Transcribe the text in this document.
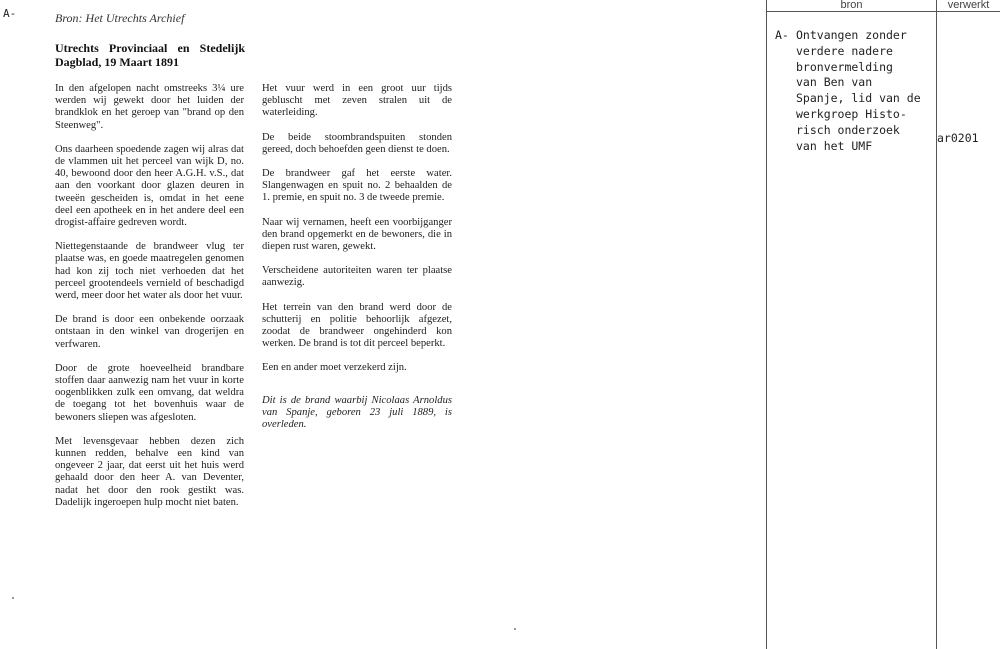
A-	Bron: Het Utrechts Archief
Utrechts Provinciaal en Stedelijk Dagblad, 19 Maart 1891

In den afgelopen nacht omstreeks 3¼ ure werden wij gewekt door het luiden der brandklok en het geroep van "brand op den Steenweg".

Ons daarheen spoedende zagen wij alras dat de vlammen uit het perceel van wijk D, no. 40, bewoond door den heer A.G.H. v.S., dat aan den voorkant door glazen deuren in tweeën gescheiden is, omdat in het eene deel een apotheek en in het andere deel een drogist-affaire gedreven wordt.

Niettegenstaande de brandweer vlug ter plaatse was, en goede maatregelen genomen had kon zij toch niet verhoeden dat het perceel grootendeels vernield of beschadigd werd, meer door het water als door het vuur.

De brand is door een onbekende oorzaak ontstaan in den winkel van drogerijen en verfwaren.

Door de grote hoeveelheid brandbare stoffen daar aanwezig nam het vuur in korte oogenblikken zulk een omvang, dat weldra de toegang tot het bovenhuis waar de bewoners sliepen was afgesloten.

Met levensgevaar hebben dezen zich kunnen redden, behalve een kind van ongeveer 2 jaar, dat eerst uit het huis werd gehaald door den heer A. van Deventer, nadat het door den rook gestikt was. Dadelijk ingeroepen hulp mocht niet baten.

Het vuur werd in een groot uur tijds gebluscht met zeven stralen uit de waterleiding.

De beide stoombrandspuiten stonden gereed, doch behoefden geen dienst te doen.

De brandweer gaf het eerste water. Slangenwagen en spuit no. 2 behaalden de 1. premie, en spuit no. 3 de tweede premie.

Naar wij vernamen, heeft een voorbijganger den brand opgemerkt en de bewoners, die in diepen rust waren, gewekt.

Verscheidene autoriteiten waren ter plaatse aanwezig.

Het terrein van den brand werd door de schutterij en politie behoorlijk afgezet, zoodat de brandweer ongehinderd kon werken. De brand is tot dit perceel beperkt.

Een en ander moet verzekerd zijn.

Dit is de brand waarbij Nicolaas Arnoldus van Spanje, geboren 23 juli 1889, is overleden.
bron	verwerkt
A- Ontvangen zonder
verdere nadere
bronvermelding
van Ben van
Spanje, lid van de
werkgroep Histo-
risch onderzoek
van het UMF
ar0201
